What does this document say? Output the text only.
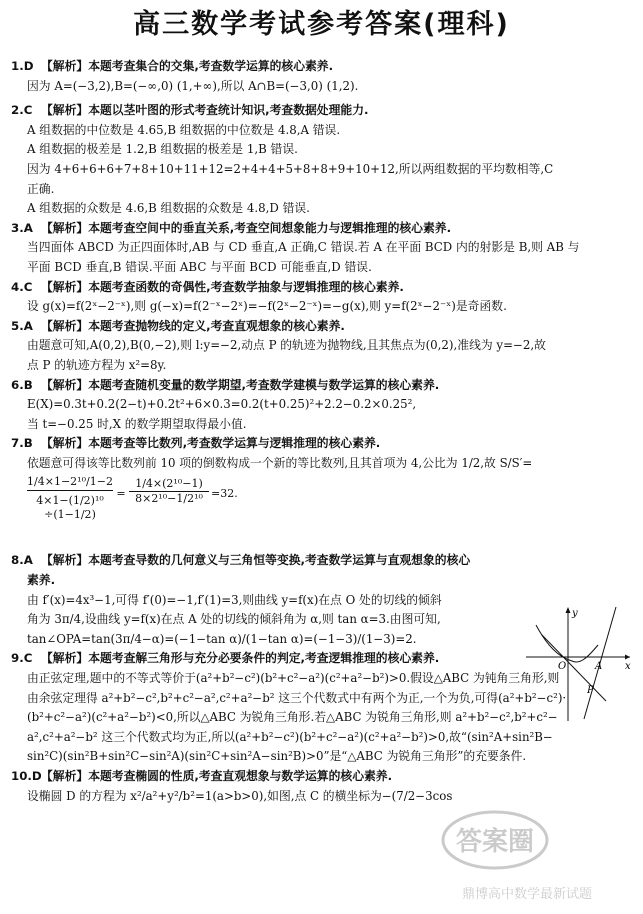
高三数学考试参考答案(理科)
1.D 【解析】本题考查集合的交集,考查数学运算的核心素养.
因为 A=(−3,2),B=(−∞,0) (1,+∞),所以 A∩B=(−3,0) (1,2).
2.C 【解析】本题以茎叶图的形式考查统计知识,考查数据处理能力.
A 组数据的中位数是 4.65,B 组数据的中位数是 4.8,A 错误.
A 组数据的极差是 1.2,B 组数据的极差是 1,B 错误.
因为 4+6+6+6+7+8+10+11+12=2+4+4+5+8+8+9+10+12,所以两组数据的平均数相等,C
正确.
A 组数据的众数是 4.6,B 组数据的众数是 4.8,D 错误.
3.A 【解析】本题考查空间中的垂直关系,考查空间想象能力与逻辑推理的核心素养.
当四面体 ABCD 为正四面体时,AB 与 CD 垂直,A 正确,C 错误.若 A 在平面 BCD 内的射影是 B,则 AB 与
平面 BCD 垂直,B 错误.平面 ABC 与平面 BCD 可能垂直,D 错误.
4.C 【解析】本题考查函数的奇偶性,考查数学抽象与逻辑推理的核心素养.
设 g(x)=f(2ˣ−2⁻ˣ),则 g(−x)=f(2⁻ˣ−2ˣ)=−f(2ˣ−2⁻ˣ)=−g(x),则 y=f(2ˣ−2⁻ˣ)是奇函数.
5.A 【解析】本题考查抛物线的定义,考查直观想象的核心素养.
由题意可知,A(0,2),B(0,−2),则 l:y=−2,动点 P 的轨迹为抛物线,且其焦点为(0,2),准线为 y=−2,故
点 P 的轨迹方程为 x²=8y.
6.B 【解析】本题考查随机变量的数学期望,考查数学建模与数学运算的核心素养.
E(X)=0.3t+0.2(2−t)+0.2t²+6×0.3=0.2(t+0.25)²+2.2−0.2×0.25²,
当 t=−0.25 时,X 的数学期望取得最小值.
7.B 【解析】本题考查等比数列,考查数学运算与逻辑推理的核心素养.
依题意可得该等比数列前 10 项的倒数构成一个新的等比数列,且其首项为 4,公比为 1/2,故 S/S′=
1/4×1−2¹⁰/1−2
4×1−(1/2)¹⁰
÷(1−1/2)
=
1/4×(2¹⁰−1)
8×2¹⁰−1/2¹⁰ =32.
8.A 【解析】本题考查导数的几何意义与三角恒等变换,考查数学运算与直观想象的核心
素养.
由 f′(x)=4x³−1,可得 f′(0)=−1,f′(1)=3,则曲线 y=f(x)在点 O 处的切线的倾斜
角为 3π/4,设曲线 y=f(x)在点 A 处的切线的倾斜角为 α,则 tan α=3.由图可知,
tan∠OPA=tan(3π/4−α)=(−1−tan α)/(1−tan α)=(−1−3)/(1−3)=2.
9.C 【解析】本题考查解三角形与充分必要条件的判定,考查逻辑推理的核心素养.
由正弦定理,题中的不等式等价于(a²+b²−c²)(b²+c²−a²)(c²+a²−b²)>0.假设△ABC 为钝角三角形,则
由余弦定理得 a²+b²−c²,b²+c²−a²,c²+a²−b² 这三个代数式中有两个为正,一个为负,可得(a²+b²−c²)·
(b²+c²−a²)(c²+a²−b²)<0,所以△ABC 为锐角三角形.若△ABC 为锐角三角形,则 a²+b²−c²,b²+c²−
a²,c²+a²−b² 这三个代数式均为正,所以(a²+b²−c²)(b²+c²−a²)(c²+a²−b²)>0,故“(sin²A+sin²B−
sin²C)(sin²B+sin²C−sin²A)(sin²C+sin²A−sin²B)>0”是“△ABC 为锐角三角形”的充要条件.
10.D【解析】本题考查椭圆的性质,考查直观想象与数学运算的核心素养.
设椭圆 D 的方程为 x²/a²+y²/b²=1(a>b>0),如图,点 C 的横坐标为−(7/2−3cos
y
x
O	A
P
答案圈
鼎博高中数学最新试题
